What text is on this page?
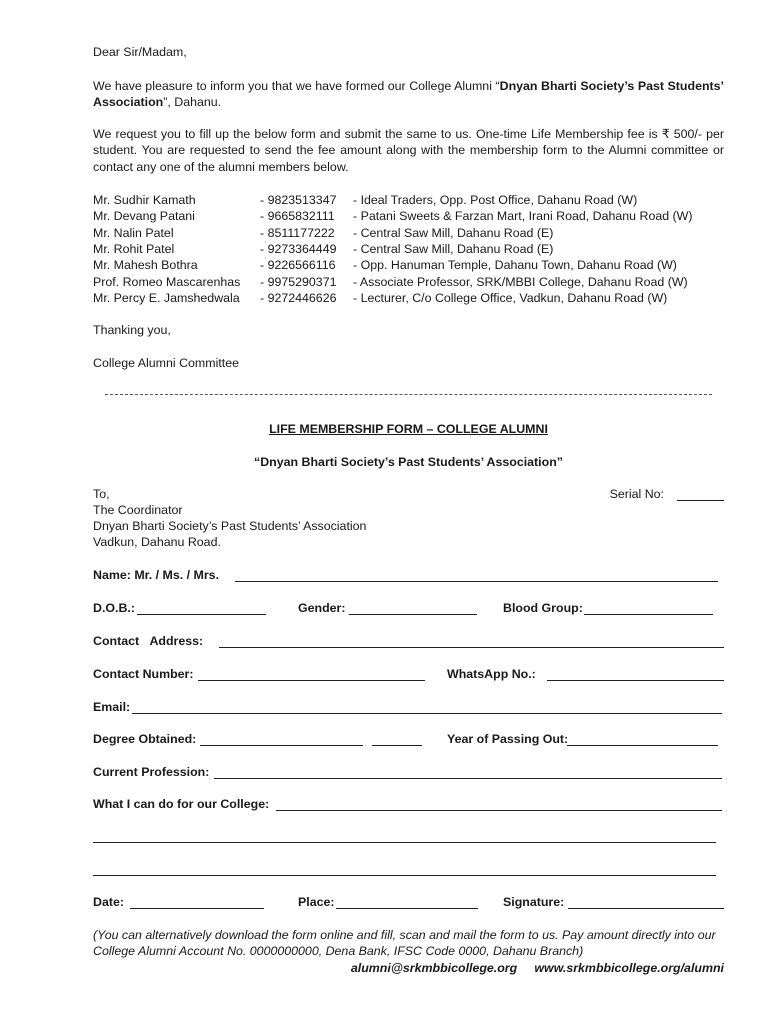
Dear Sir/Madam,
We have pleasure to inform you that we have formed our College Alumni “Dnyan Bharti Society’s Past Students’ Association”, Dahanu.
We request you to fill up the below form and submit the same to us. One-time Life Membership fee is ₹ 500/- per student. You are requested to send the fee amount along with the membership form to the Alumni committee or contact any one of the alumni members below.
Mr. Sudhir Kamath	- 9823513347 - Ideal Traders, Opp. Post Office, Dahanu Road (W)
Mr. Devang Patani	- 9665832111 - Patani Sweets & Farzan Mart, Irani Road, Dahanu Road (W)
Mr. Nalin Patel	- 8511177222 - Central Saw Mill, Dahanu Road (E)
Mr. Rohit Patel	- 9273364449 - Central Saw Mill, Dahanu Road (E)
Mr. Mahesh Bothra	- 9226566116 - Opp. Hanuman Temple, Dahanu Town, Dahanu Road (W)
Prof. Romeo Mascarenhas - 9975290371 - Associate Professor, SRK/MBBI College, Dahanu Road (W)
Mr. Percy E. Jamshedwala - 9272446626 - Lecturer, C/o College Office, Vadkun, Dahanu Road (W)
Thanking you,
College Alumni Committee
LIFE MEMBERSHIP FORM – COLLEGE ALUMNI
“Dnyan Bharti Society’s Past Students’ Association”
To,	Serial No:
The Coordinator
Dnyan Bharti Society’s Past Students’ Association
Vadkun, Dahanu Road.
Name: Mr. / Ms. / Mrs.
D.O.B.:	Gender:	Blood Group:
Contact   Address:
Contact Number:	WhatsApp No.:
Email:
Degree Obtained:	Year of Passing Out:
Current Profession:
What I can do for our College:
Date:	Place:	Signature:
(You can alternatively download the form online and fill, scan and mail the form to us. Pay amount directly into our College Alumni Account No. 0000000000, Dena Bank, IFSC Code 0000, Dahanu Branch)
alumni@srkmbbicollege.org www.srkmbbicollege.org/alumni
